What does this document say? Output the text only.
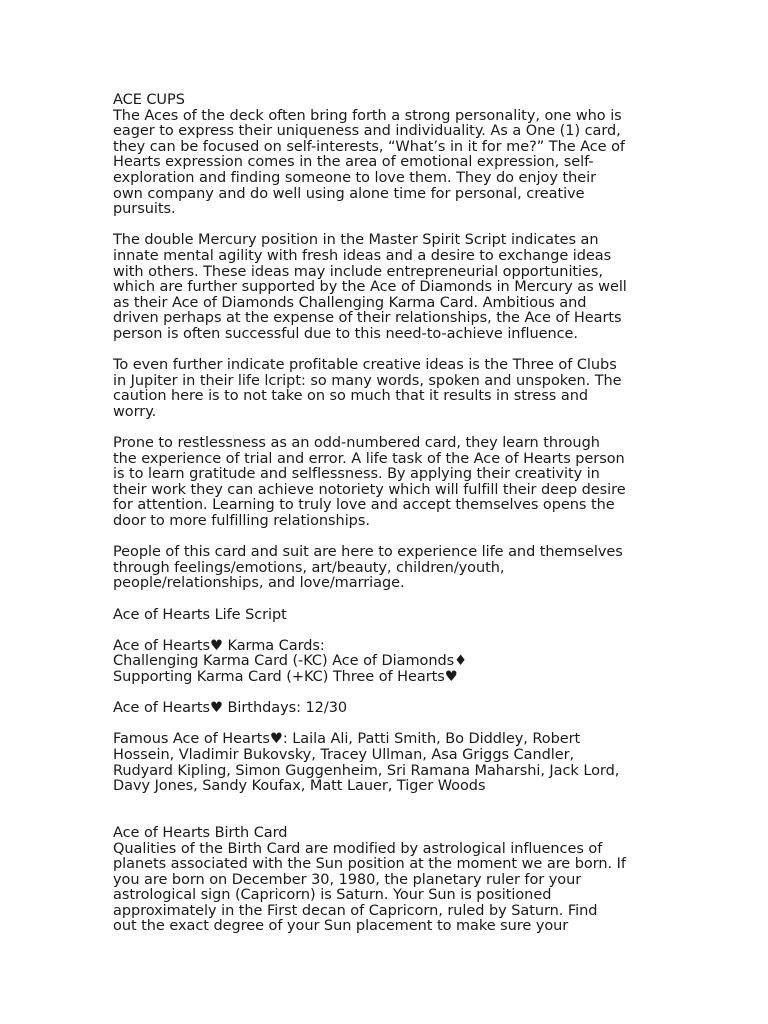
ACE CUPS
The Aces of the deck often bring forth a strong personality, one who is
eager to express their uniqueness and individuality. As a One (1) card,
they can be focused on self-interests, “What’s in it for me?” The Ace of
Hearts expression comes in the area of emotional expression, self-
exploration and finding someone to love them. They do enjoy their
own company and do well using alone time for personal, creative
pursuits.
The double Mercury position in the Master Spirit Script indicates an
innate mental agility with fresh ideas and a desire to exchange ideas
with others. These ideas may include entrepreneurial opportunities,
which are further supported by the Ace of Diamonds in Mercury as well
as their Ace of Diamonds Challenging Karma Card. Ambitious and
driven perhaps at the expense of their relationships, the Ace of Hearts
person is often successful due to this need-to-achieve influence.
To even further indicate profitable creative ideas is the Three of Clubs
in Jupiter in their life lcript: so many words, spoken and unspoken. The
caution here is to not take on so much that it results in stress and
worry.
Prone to restlessness as an odd-numbered card, they learn through
the experience of trial and error. A life task of the Ace of Hearts person
is to learn gratitude and selflessness. By applying their creativity in
their work they can achieve notoriety which will fulfill their deep desire
for attention. Learning to truly love and accept themselves opens the
door to more fulfilling relationships.
People of this card and suit are here to experience life and themselves
through feelings/emotions, art/beauty, children/youth,
people/relationships, and love/marriage.
Ace of Hearts Life Script
Ace of Hearts♥ Karma Cards:
Challenging Karma Card (-KC) Ace of Diamonds♦
Supporting Karma Card (+KC) Three of Hearts♥
Ace of Hearts♥ Birthdays: 12/30
Famous Ace of Hearts♥: Laila Ali, Patti Smith, Bo Diddley, Robert
Hossein, Vladimir Bukovsky, Tracey Ullman, Asa Griggs Candler,
Rudyard Kipling, Simon Guggenheim, Sri Ramana Maharshi, Jack Lord,
Davy Jones, Sandy Koufax, Matt Lauer, Tiger Woods
Ace of Hearts Birth Card
Qualities of the Birth Card are modified by astrological influences of
planets associated with the Sun position at the moment we are born. If
you are born on December 30, 1980, the planetary ruler for your
astrological sign (Capricorn) is Saturn. Your Sun is positioned
approximately in the First decan of Capricorn, ruled by Saturn. Find
out the exact degree of your Sun placement to make sure your
